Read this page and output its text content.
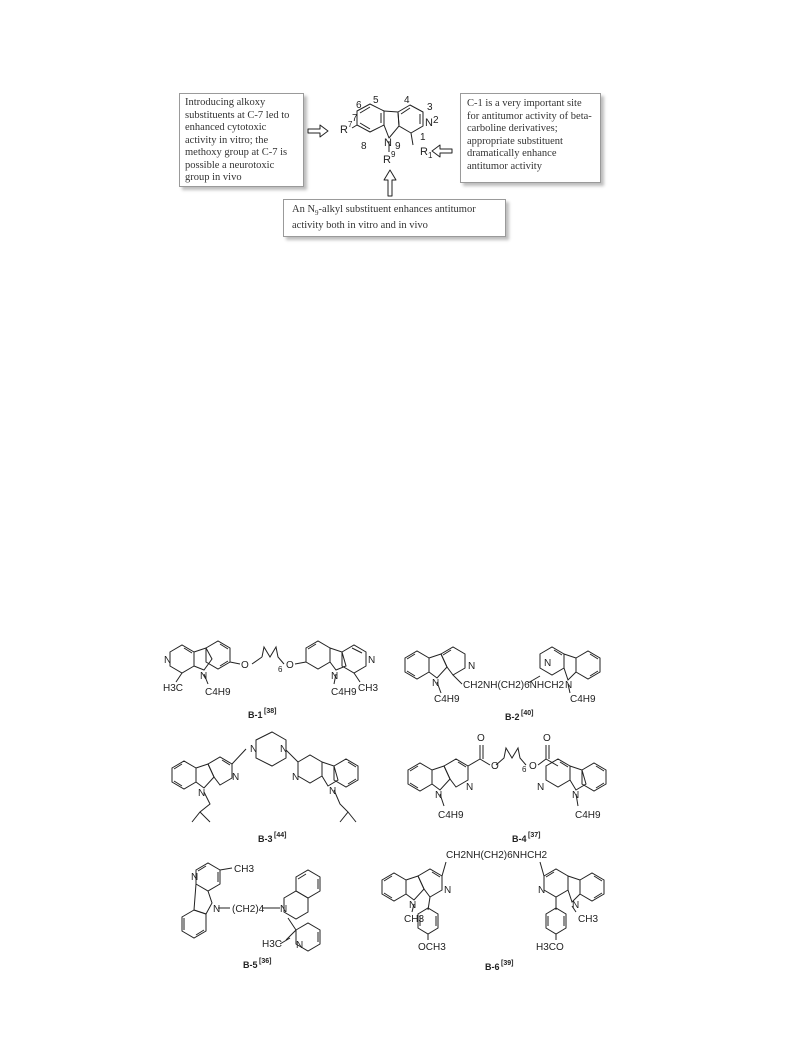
Introducing alkoxy
substituents at C-7 led to
enhanced cytotoxic
activity in vitro; the
methoxy group at C-7 is
possible a neurotoxic
group in vivo
C-1 is a very important site
for antitumor activity of beta-
carboline derivatives;
appropriate substituent
dramatically enhance
antitumor activity
An $N_9$-alkyl substituent enhances antitumor
activity both in vitro and in vivo
6 5	4
3
N 2
1
8 N 9
R 7
7
R 1
R 9
N
H3C
N
C4H9
O	6 O
N
C4H9
N
CH3
B-1 [38]
N
N
C4H9
CH2NH(CH2)6NHCH2
N
N
C4H9
B-2 [40]
N N
N
N
N
N
B-3 [44]
O
O	6 O
O
N
N	N
N
C4H9	C4H9
B-4 [37]
N
CH3
N (CH2)4 N
H3C N
B-5 [36]
CH2NH(CH2)6NHCH2
N
N
CH3
OCH3
N
N
CH3
H3CO
B-6 [39]
